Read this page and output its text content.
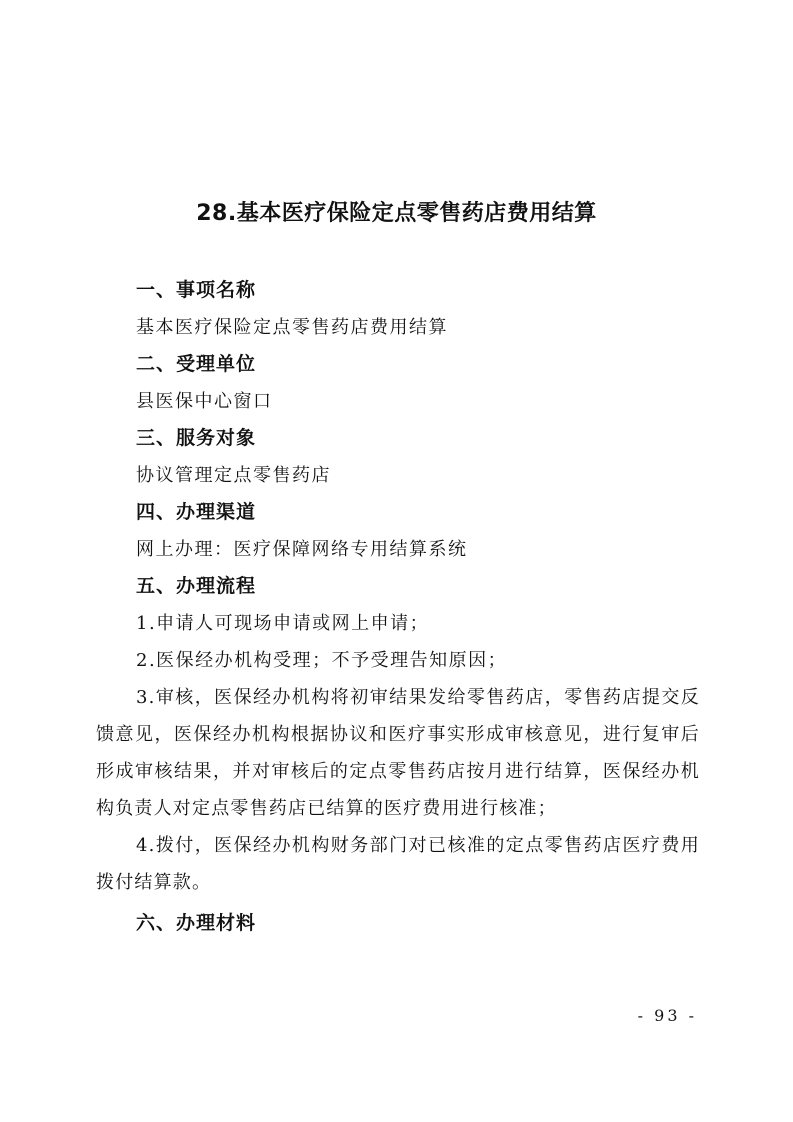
28.基本医疗保险定点零售药店费用结算
一、事项名称

基本医疗保险定点零售药店费用结算

二、受理单位

县医保中心窗口

三、服务对象

协议管理定点零售药店

四、办理渠道

网上办理：医疗保障网络专用结算系统

五、办理流程

1.申请人可现场申请或网上申请；

2.医保经办机构受理；不予受理告知原因；

3.审核，医保经办机构将初审结果发给零售药店，零售药店提交反馈意见，医保经办机构根据协议和医疗事实形成审核意见，进行复审后形成审核结果，并对审核后的定点零售药店按月进行结算，医保经办机构负责人对定点零售药店已结算的医疗费用进行核准；

4.拨付，医保经办机构财务部门对已核准的定点零售药店医疗费用拨付结算款。

六、办理材料
- 93 -
